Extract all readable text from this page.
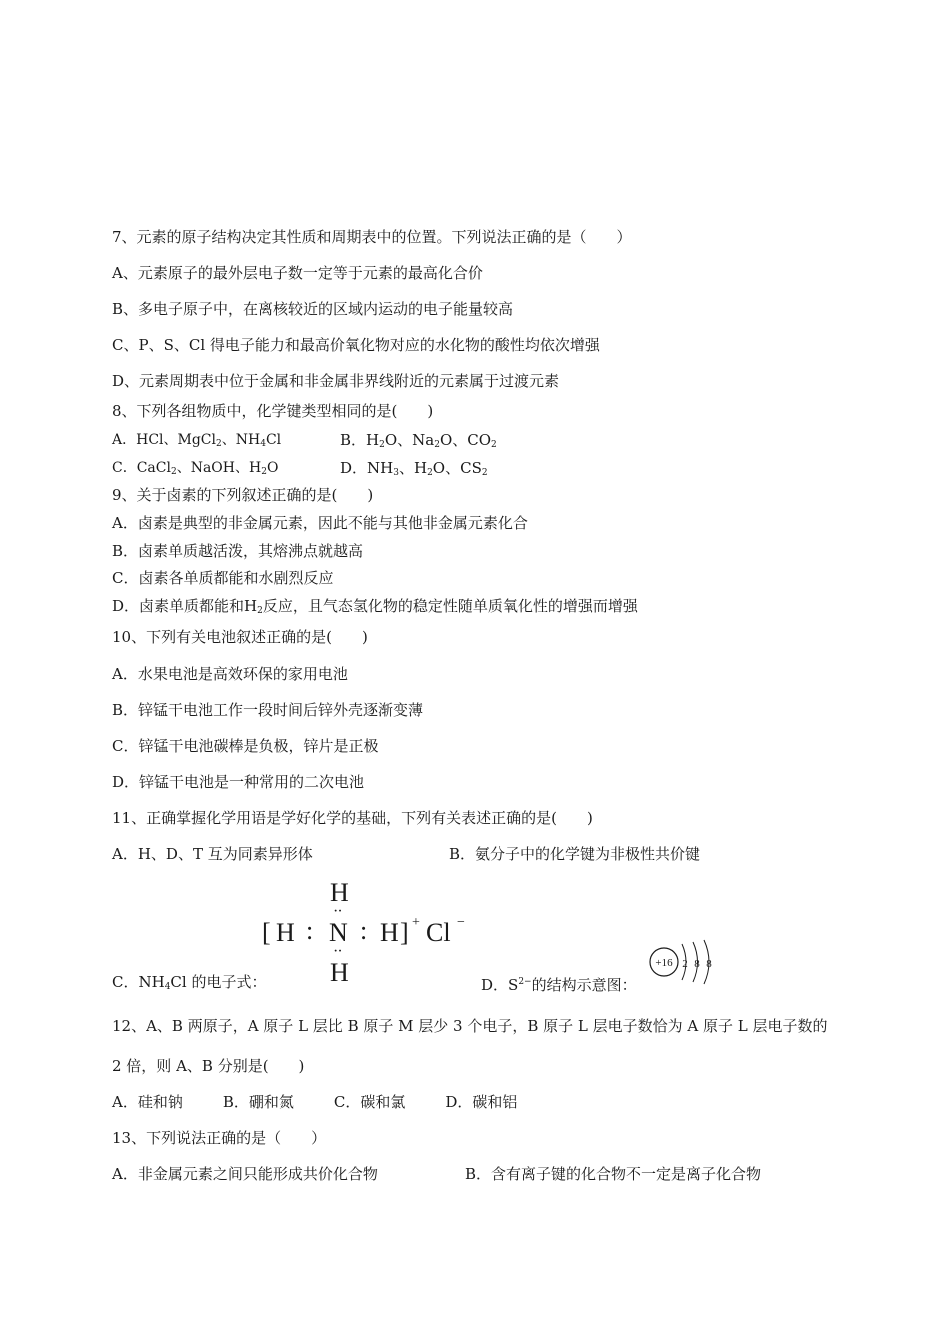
7、元素的原子结构决定其性质和周期表中的位置。下列说法正确的是（　　）
A、元素原子的最外层电子数一定等于元素的最高化合价
B、多电子原子中，在离核较近的区域内运动的电子能量较高
C、P、S、Cl 得电子能力和最高价氧化物对应的水化物的酸性均依次增强
D、元素周期表中位于金属和非金属非界线附近的元素属于过渡元素
8、下列各组物质中，化学键类型相同的是(　　)
A．HCl、MgCl$_2$、$NH_4Cl$	B．$H_2O$、$Na_2O$、$CO_2$
C．CaCl$_2$、NaOH、$H_2O$	D．$NH_3$、$H_2O$、$CS_2$
9、关于卤素的下列叙述正确的是(　　)
A．卤素是典型的非金属元素，因此不能与其他非金属元素化合
B．卤素单质越活泼，其熔沸点就越高
C．卤素各单质都能和水剧烈反应
D．卤素单质都能和$H_2$反应，且气态氢化物的稳定性随单质氧化性的增强而增强
10、下列有关电池叙述正确的是(　　)
A．水果电池是高效环保的家用电池
B．锌锰干电池工作一段时间后锌外壳逐渐变薄
C．锌锰干电池碳棒是负极，锌片是正极
D．锌锰干电池是一种常用的二次电池
11、正确掌握化学用语是学好化学的基础，下列有关表述正确的是(　　)
A．H、D、T 互为同素异形体	B．氨分子中的化学键为非极性共价键
H
··
[ H : N : H ] + Cl −
··
H
C．$NH_4Cl$ 的电子式：	D．$S^{2-}$的结构示意图：
+16 2 8 8
12、A、B 两原子，A 原子 L 层比 B 原子 M 层少 3 个电子，B 原子 L 层电子数恰为 A 原子 L 层电子数的
2 倍，则 A、B 分别是(　　)
A．硅和钠	B．硼和氮	C．碳和氯	D．碳和铝
13、下列说法正确的是（　　）
A．非金属元素之间只能形成共价化合物	B．含有离子键的化合物不一定是离子化合物
